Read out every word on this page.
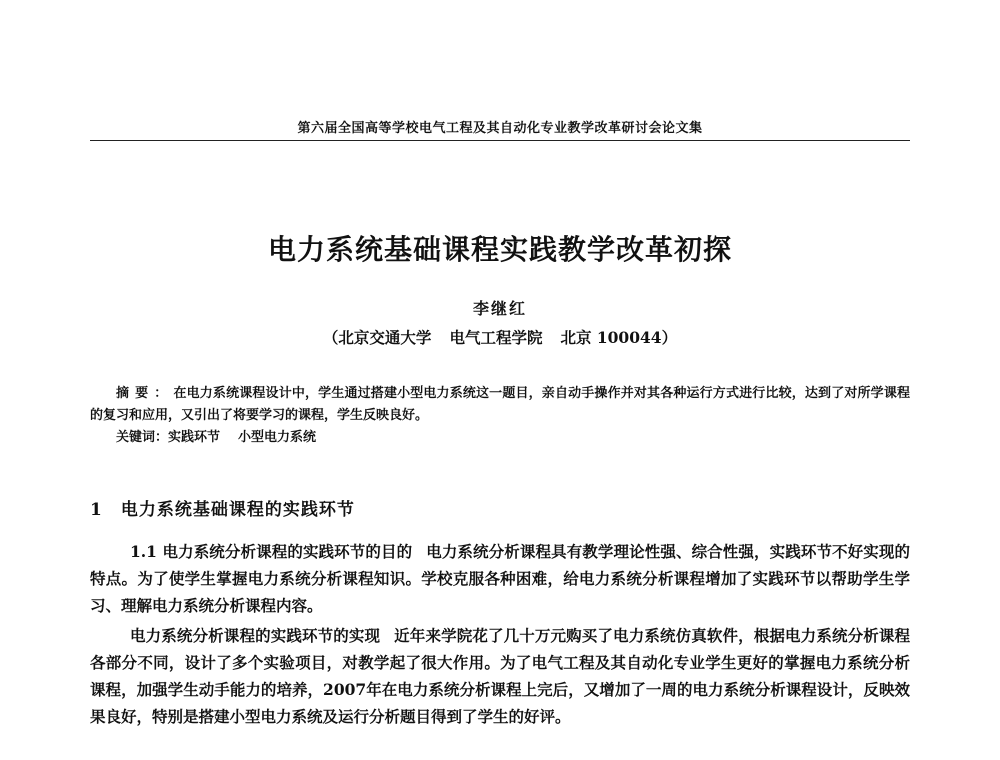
第六届全国高等学校电气工程及其自动化专业教学改革研讨会论文集
电力系统基础课程实践教学改革初探
李继红
（北京交通大学 电气工程学院 北京 100044）
摘要：在电力系统课程设计中，学生通过搭建小型电力系统这一题目，亲自动手操作并对其各种运行方式进行比较，达到了对所学课程的复习和应用，又引出了将要学习的课程，学生反映良好。
关键词：实践环节 小型电力系统
1 电力系统基础课程的实践环节

1.1 电力系统分析课程的实践环节的目的 电力系统分析课程具有教学理论性强、综合性强，实践环节不好实现的特点。为了使学生掌握电力系统分析课程知识。学校克服各种困难，给电力系统分析课程增加了实践环节以帮助学生学习、理解电力系统分析课程内容。

电力系统分析课程的实践环节的实现 近年来学院花了几十万元购买了电力系统仿真软件，根据电力系统分析课程各部分不同，设计了多个实验项目，对教学起了很大作用。为了电气工程及其自动化专业学生更好的掌握电力系统分析课程，加强学生动手能力的培养，2007年在电力系统分析课程上完后，又增加了一周的电力系统分析课程设计，反映效果良好，特别是搭建小型电力系统及运行分析题目得到了学生的好评。
